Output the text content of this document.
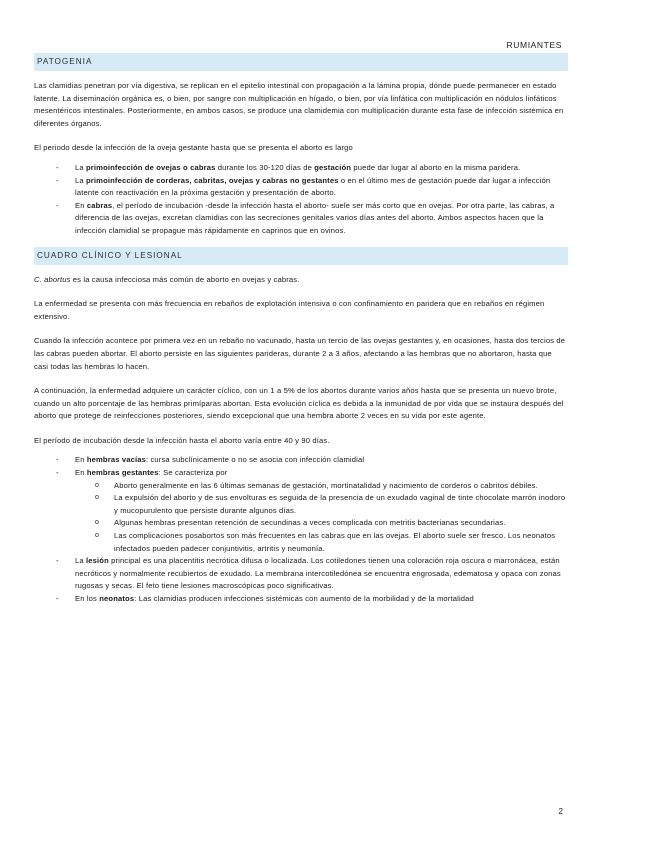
RUMIANTES
PATOGENIA

Las clamidias penetran por vía digestiva, se replican en el epitelio intestinal con propagación a la lámina propia, dónde puede permanecer en estado latente. La diseminación orgánica es, o bien, por sangre con multiplicación en hígado, o bien, por vía linfática con multiplicación en nódulos linfáticos mesentéricos intestinales. Posteriormente, en ambos casos, se produce una clamidemia con multiplicación durante esta fase de infección sistémica en diferentes órganos.

El periodo desde la infección de la oveja gestante hasta que se presenta el aborto es largo

- La primoinfección de ovejas o cabras durante los 30-120 días de gestación puede dar lugar al aborto en la misma paridera.
- La primoinfección de corderas, cabritas, ovejas y cabras no gestantes o en el último mes de gestación puede dar lugar a infección latente con reactivación en la próxima gestación y presentación de aborto.
- En cabras, el período de incubación -desde la infección hasta el aborto- suele ser más corto que en ovejas. Por otra parte, las cabras, a diferencia de las ovejas, excretan clamidias con las secreciones genitales varios días antes del aborto. Ambos aspectos hacen que la infección clamidial se propague más rápidamente en caprinos que en ovinos.
CUADRO CLÍNICO Y LESIONAL

C. abortus es la causa infecciosa más común de aborto en ovejas y cabras.

La enfermedad se presenta con más frecuencia en rebaños de explotación intensiva o con confinamiento en paridera que en rebaños en régimen extensivo.

Cuando la infección acontece por primera vez en un rebaño no vacunado, hasta un tercio de las ovejas gestantes y, en ocasiones, hasta dos tercios de las cabras pueden abortar. El aborto persiste en las siguientes parideras, durante 2 a 3 años, afectando a las hembras que no abortaron, hasta que casi todas las hembras lo hacen.

A continuación, la enfermedad adquiere un carácter cíclico, con un 1 a 5% de los abortos durante varios años hasta que se presenta un nuevo brote, cuando un alto porcentaje de las hembras primíparas abortan. Esta evolución cíclica es debida a la inmunidad de por vida que se instaura después del aborto que protege de reinfecciones posteriores, siendo excepcional que una hembra aborte 2 veces en su vida por este agente.

El período de incubación desde la infección hasta el aborto varía entre 40 y 90 días.

- En hembras vacías: cursa subclínicamente o no se asocia con infección clamidial
- En hembras gestantes: Se caracteriza por
o Aborto generalmente en las 6 últimas semanas de gestación, mortinatalidad y nacimiento de corderos o cabritos débiles.
o La expulsión del aborto y de sus envolturas es seguida de la presencia de un exudado vaginal de tinte chocolate marrón inodoro y mucopurulento que persiste durante algunos días.
o Algunas hembras presentan retención de secundinas a veces complicada con metritis bacterianas secundarias.
o Las complicaciones posabortos son más frecuentes en las cabras que en las ovejas. El aborto suele ser fresco. Los neonatos infectados pueden padecer conjuntivitis, artritis y neumonía.
- La lesión principal es una placentitis necrótica difusa o localizada. Los cotiledones tienen una coloración roja oscura o marronácea, están necróticos y normalmente recubiertos de exudado. La membrana intercotiledónea se encuentra engrosada, edematosa y opaca con zonas rugosas y secas. El feto tiene lesiones macroscópicas poco significativas.
- En los neonatos: Las clamidias producen infecciones sistémicas con aumento de la morbilidad y de la mortalidad
2
